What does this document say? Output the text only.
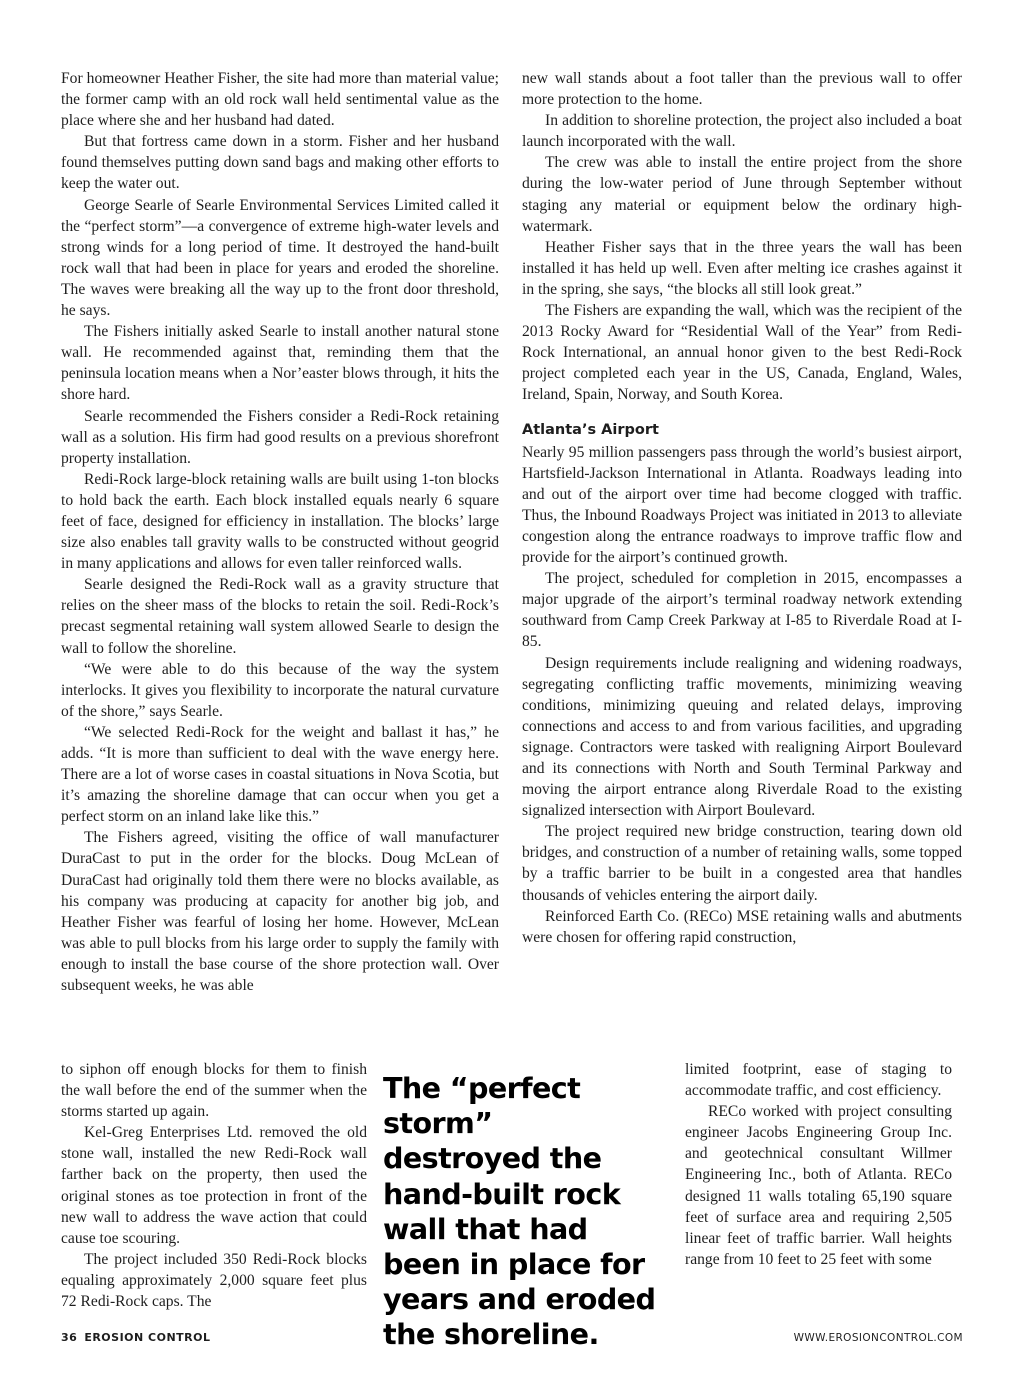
For homeowner Heather Fisher, the site had more than material value; the former camp with an old rock wall held sentimental value as the place where she and her husband had dated.

But that fortress came down in a storm. Fisher and her husband found themselves putting down sand bags and making other efforts to keep the water out.

George Searle of Searle Environmental Services Limited called it the “perfect storm”—a convergence of extreme high-water levels and strong winds for a long period of time. It destroyed the hand-built rock wall that had been in place for years and eroded the shoreline. The waves were breaking all the way up to the front door threshold, he says.

The Fishers initially asked Searle to install another natural stone wall. He recommended against that, reminding them that the peninsula location means when a Nor’easter blows through, it hits the shore hard.

Searle recommended the Fishers consider a Redi-Rock retaining wall as a solution. His firm had good results on a previous shorefront property installation.

Redi-Rock large-block retaining walls are built using 1-ton blocks to hold back the earth. Each block installed equals nearly 6 square feet of face, designed for efficiency in installation. The blocks’ large size also enables tall gravity walls to be constructed without geogrid in many applications and allows for even taller reinforced walls.

Searle designed the Redi-Rock wall as a gravity structure that relies on the sheer mass of the blocks to retain the soil. Redi-Rock’s precast segmental retaining wall system allowed Searle to design the wall to follow the shoreline.

“We were able to do this because of the way the system interlocks. It gives you flexibility to incorporate the natural curvature of the shore,” says Searle.

“We selected Redi-Rock for the weight and ballast it has,” he adds. “It is more than sufficient to deal with the wave energy here. There are a lot of worse cases in coastal situations in Nova Scotia, but it’s amazing the shoreline damage that can occur when you get a perfect storm on an inland lake like this.”

The Fishers agreed, visiting the office of wall manufacturer DuraCast to put in the order for the blocks. Doug McLean of DuraCast had originally told them there were no blocks available, as his company was producing at capacity for another big job, and Heather Fisher was fearful of losing her home. However, McLean was able to pull blocks from his large order to supply the family with enough to install the base course of the shore protection wall. Over subsequent weeks, he was able

to siphon off enough blocks for them to finish the wall before the end of the summer when the storms started up again.

Kel-Greg Enterprises Ltd. removed the old stone wall, installed the new Redi-Rock wall farther back on the property, then used the original stones as toe protection in front of the new wall to address the wave action that could cause toe scouring.

The project included 350 Redi-Rock blocks equaling approximately 2,000 square feet plus 72 Redi-Rock caps. The

new wall stands about a foot taller than the previous wall to offer more protection to the home.

In addition to shoreline protection, the project also included a boat launch incorporated with the wall.

The crew was able to install the entire project from the shore during the low-water period of June through September without staging any material or equipment below the ordinary high-watermark.

Heather Fisher says that in the three years the wall has been installed it has held up well. Even after melting ice crashes against it in the spring, she says, “the blocks all still look great.”

The Fishers are expanding the wall, which was the recipient of the 2013 Rocky Award for “Residential Wall of the Year” from Redi-Rock International, an annual honor given to the best Redi-Rock project completed each year in the US, Canada, England, Wales, Ireland, Spain, Norway, and South Korea.

Atlanta’s Airport

Nearly 95 million passengers pass through the world’s busiest airport, Hartsfield-Jackson International in Atlanta. Roadways leading into and out of the airport over time had become clogged with traffic. Thus, the Inbound Roadways Project was initiated in 2013 to alleviate congestion along the entrance roadways to improve traffic flow and provide for the airport’s continued growth.

The project, scheduled for completion in 2015, encompasses a major upgrade of the airport’s terminal roadway network extending southward from Camp Creek Parkway at I-85 to Riverdale Road at I-85.

Design requirements include realigning and widening roadways, segregating conflicting traffic movements, minimizing weaving conditions, minimizing queuing and related delays, improving connections and access to and from various facilities, and upgrading signage. Contractors were tasked with realigning Airport Boulevard and its connections with North and South Terminal Parkway and moving the airport entrance along Riverdale Road to the existing signalized intersection with Airport Boulevard.

The project required new bridge construction, tearing down old bridges, and construction of a number of retaining walls, some topped by a traffic barrier to be built in a congested area that handles thousands of vehicles entering the airport daily.

Reinforced Earth Co. (RECo) MSE retaining walls and abutments were chosen for offering rapid construction,

limited footprint, ease of staging to accommodate traffic, and cost efficiency.

RECo worked with project consulting engineer Jacobs Engineering Group Inc. and geotechnical consultant Willmer Engineering Inc., both of Atlanta. RECo designed 11 walls totaling 65,190 square feet of surface area and requiring 2,505 linear feet of traffic barrier. Wall heights range from 10 feet to 25 feet with some

The “perfect storm” destroyed the hand-built rock wall that had been in place for years and eroded the shoreline.
36 EROSION CONTROL	WWW.EROSIONCONTROL.COM
